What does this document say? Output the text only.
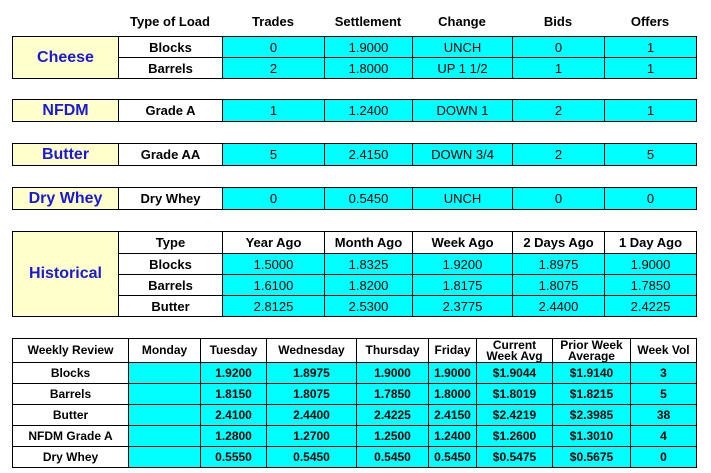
	Type of Load	Trades	Settlement	Change	Bids	Offers
Cheese	Blocks	0	1.9000	UNCH	0	1
	Barrels	2	1.8000	UP 1 1/2	1	1
NFDM	Grade A	1	1.2400	DOWN 1	2	1
Butter	Grade AA	5	2.4150	DOWN 3/4	2	5
Dry Whey	Dry Whey	0	0.5450	UNCH	0	0
Historical	Type	Year Ago	Month Ago	Week Ago	2 Days Ago	1 Day Ago
	Blocks	1.5000	1.8325	1.9200	1.8975	1.9000
	Barrels	1.6100	1.8200	1.8175	1.8075	1.7850
	Butter	2.8125	2.5300	2.3775	2.4400	2.4225
Weekly Review	Monday	Tuesday	Wednesday	Thursday	Friday	Current Week Avg	Prior Week Average	Week Vol
Blocks		1.9200	1.8975	1.9000	1.9000	$1.9044	$1.9140	3
Barrels		1.8150	1.8075	1.7850	1.8000	$1.8019	$1.8215	5
Butter		2.4100	2.4400	2.4225	2.4150	$2.4219	$2.3985	38
NFDM Grade A		1.2800	1.2700	1.2500	1.2400	$1.2600	$1.3010	4
Dry Whey		0.5550	0.5450	0.5450	0.5450	$0.5475	$0.5675	0
